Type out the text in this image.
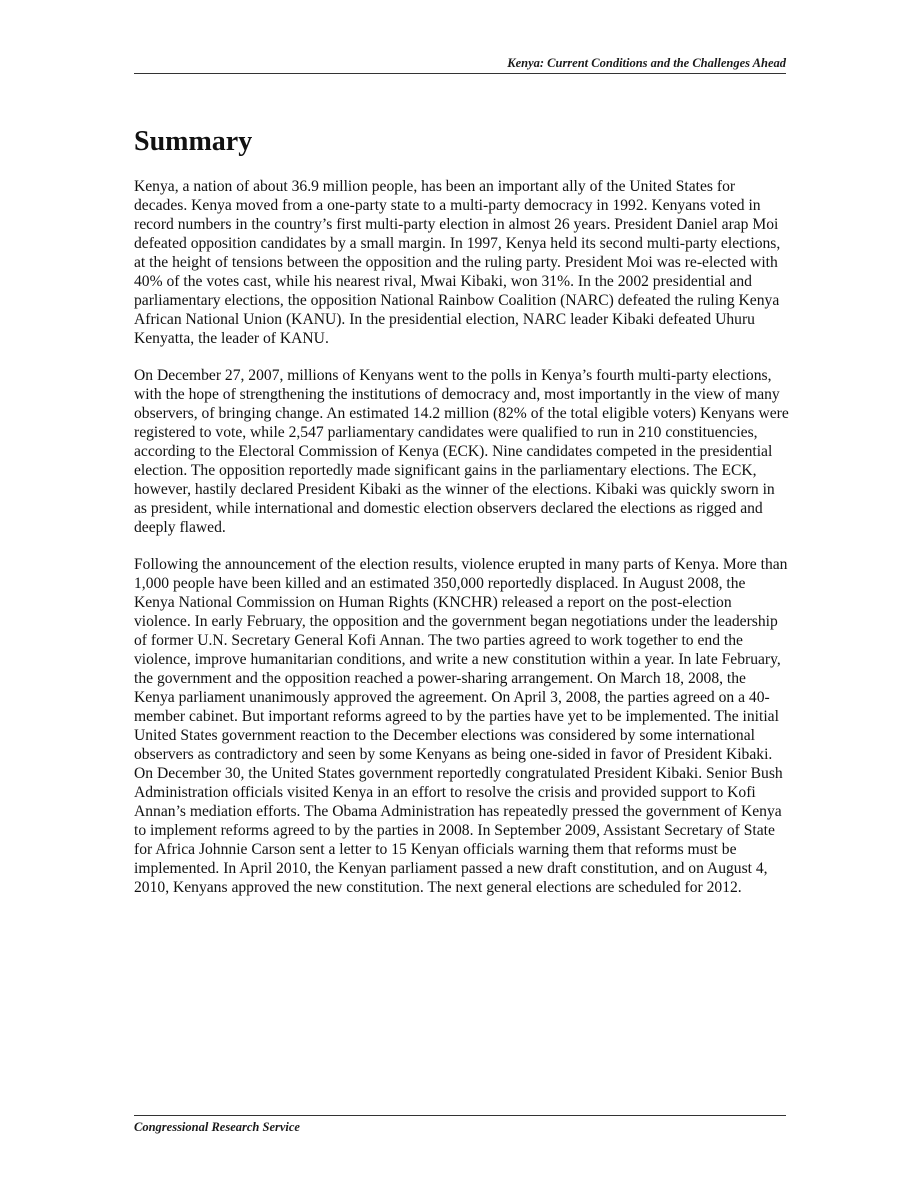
Kenya: Current Conditions and the Challenges Ahead
Summary

Kenya, a nation of about 36.9 million people, has been an important ally of the United States for decades. Kenya moved from a one-party state to a multi-party democracy in 1992. Kenyans voted in record numbers in the country’s first multi-party election in almost 26 years. President Daniel arap Moi defeated opposition candidates by a small margin. In 1997, Kenya held its second multi-party elections, at the height of tensions between the opposition and the ruling party. President Moi was re-elected with 40% of the votes cast, while his nearest rival, Mwai Kibaki, won 31%. In the 2002 presidential and parliamentary elections, the opposition National Rainbow Coalition (NARC) defeated the ruling Kenya African National Union (KANU). In the presidential election, NARC leader Kibaki defeated Uhuru Kenyatta, the leader of KANU.

On December 27, 2007, millions of Kenyans went to the polls in Kenya’s fourth multi-party elections, with the hope of strengthening the institutions of democracy and, most importantly in the view of many observers, of bringing change. An estimated 14.2 million (82% of the total eligible voters) Kenyans were registered to vote, while 2,547 parliamentary candidates were qualified to run in 210 constituencies, according to the Electoral Commission of Kenya (ECK). Nine candidates competed in the presidential election. The opposition reportedly made significant gains in the parliamentary elections. The ECK, however, hastily declared President Kibaki as the winner of the elections. Kibaki was quickly sworn in as president, while international and domestic election observers declared the elections as rigged and deeply flawed.

Following the announcement of the election results, violence erupted in many parts of Kenya. More than 1,000 people have been killed and an estimated 350,000 reportedly displaced. In August 2008, the Kenya National Commission on Human Rights (KNCHR) released a report on the post-election violence. In early February, the opposition and the government began negotiations under the leadership of former U.N. Secretary General Kofi Annan. The two parties agreed to work together to end the violence, improve humanitarian conditions, and write a new constitution within a year. In late February, the government and the opposition reached a power-sharing arrangement. On March 18, 2008, the Kenya parliament unanimously approved the agreement. On April 3, 2008, the parties agreed on a 40-member cabinet. But important reforms agreed to by the parties have yet to be implemented. The initial United States government reaction to the December elections was considered by some international observers as contradictory and seen by some Kenyans as being one-sided in favor of President Kibaki. On December 30, the United States government reportedly congratulated President Kibaki. Senior Bush Administration officials visited Kenya in an effort to resolve the crisis and provided support to Kofi Annan’s mediation efforts. The Obama Administration has repeatedly pressed the government of Kenya to implement reforms agreed to by the parties in 2008. In September 2009, Assistant Secretary of State for Africa Johnnie Carson sent a letter to 15 Kenyan officials warning them that reforms must be implemented. In April 2010, the Kenyan parliament passed a new draft constitution, and on August 4, 2010, Kenyans approved the new constitution. The next general elections are scheduled for 2012.

Congressional Research Service
